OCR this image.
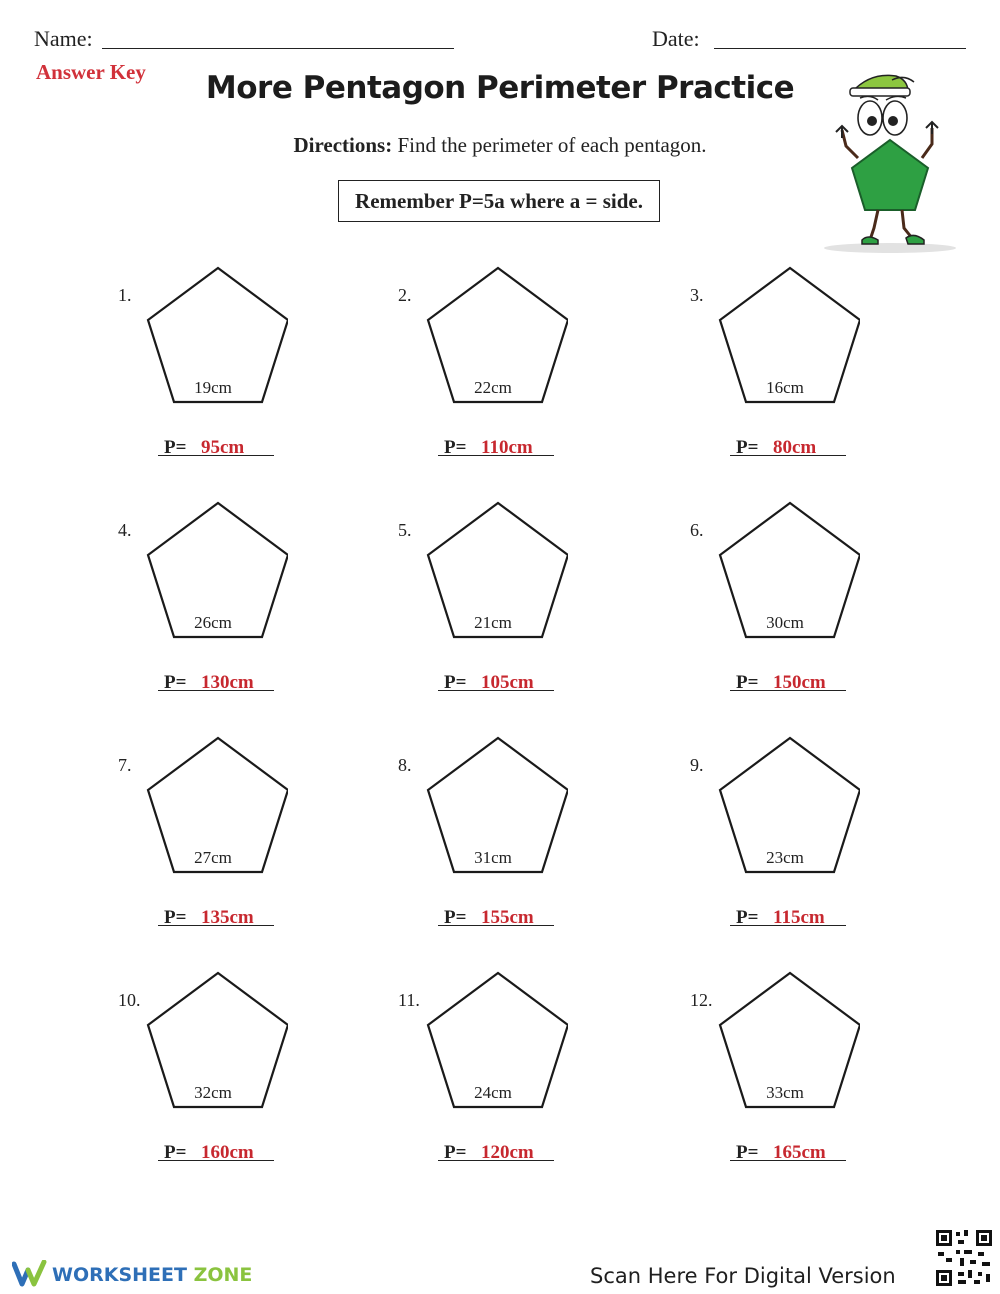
Name:	Date:
Answer Key	More Pentagon Perimeter Practice
Directions: Find the perimeter of each pentagon.
Remember P=5a where a = side.
1.
19cm
P= 95cm
2.
22cm
P= 110cm
3.
16cm
P= 80cm
4.
26cm
P= 130cm
5.
21cm
P= 105cm
6.
30cm
P= 150cm
7.
27cm
P= 135cm
8.
31cm
P= 155cm
9.
23cm
P= 115cm
10.
32cm
P= 160cm
11.
24cm
P= 120cm
12.
33cm
P= 165cm
WORKSHEET ZONE	Scan Here For Digital Version
